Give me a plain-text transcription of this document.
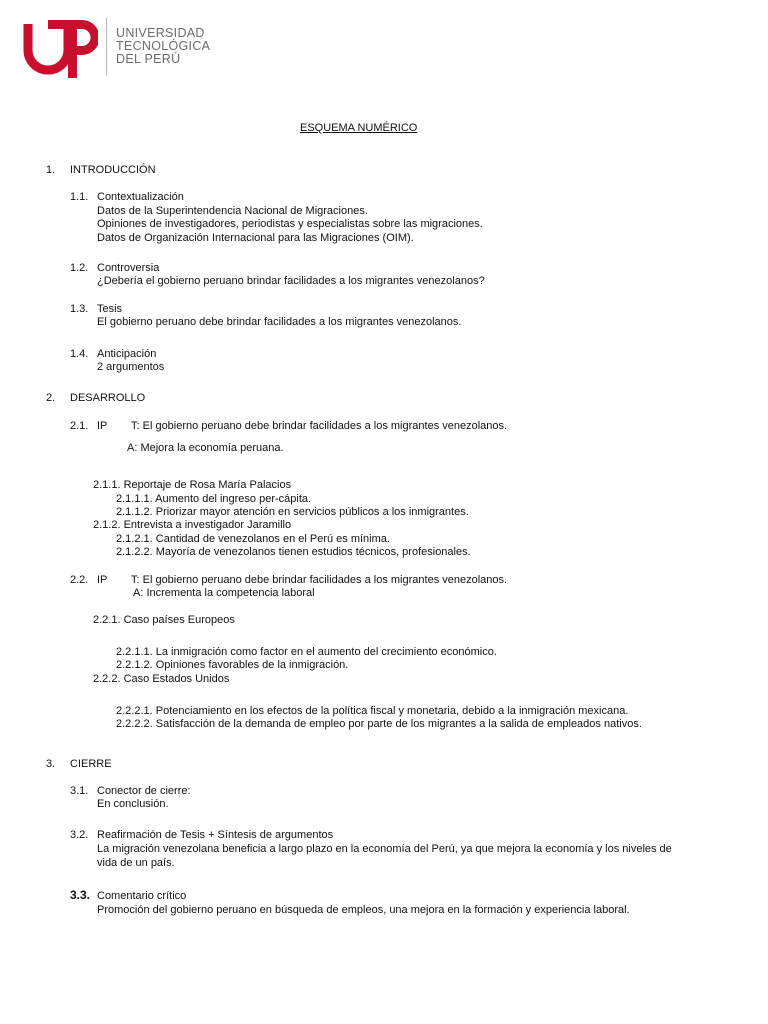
UNIVERSIDAD
TECNOLÓGICA
DEL PERÚ
ESQUEMA NUMÉRICO
1. INTRODUCCIÓN
1.1. Contextualización
Datos de la Superintendencia Nacional de Migraciones.
Opiniones de investigadores, periodistas y especialistas sobre las migraciones.
Datos de Organización Internacional para las Migraciones (OIM).
1.2. Controversia
¿Debería el gobierno peruano brindar facilidades a los migrantes venezolanos?
1.3. Tesis
El gobierno peruano debe brindar facilidades a los migrantes venezolanos.
1.4. Anticipación
2 argumentos
2. DESARROLLO
2.1. IP T: El gobierno peruano debe brindar facilidades a los migrantes venezolanos.
A: Mejora la economía peruana.
2.1.1. Reportaje de Rosa María Palacios
2.1.1.1. Aumento del ingreso per-cápita.
2.1.1.2. Priorizar mayor atención en servicios públicos a los inmigrantes.
2.1.2. Entrevista a investigador Jaramillo
2.1.2.1. Cantidad de venezolanos en el Perú es mínima.
2.1.2.2. Mayoría de venezolanos tienen estudios técnicos, profesionales.
2.2. IP T: El gobierno peruano debe brindar facilidades a los migrantes venezolanos.
A: Incrementa la competencia laboral
2.2.1. Caso países Europeos
2.2.1.1. La inmigración como factor en el aumento del crecimiento económico.
2.2.1.2. Opiniones favorables de la inmigración.
2.2.2. Caso Estados Unidos
2.2.2.1. Potenciamiento en los efectos de la política fiscal y monetaria, debido a la inmigración mexicana.
2.2.2.2. Satisfacción de la demanda de empleo por parte de los migrantes a la salida de empleados nativos.
3. CIERRE
3.1. Conector de cierre:
En conclusión.
3.2. Reafirmación de Tesis + Síntesis de argumentos
La migración venezolana beneficia a largo plazo en la economía del Perú, ya que mejora la economía y los niveles de
vida de un país.
3.3. Comentario crítico
Promoción del gobierno peruano en búsqueda de empleos, una mejora en la formación y experiencia laboral.
